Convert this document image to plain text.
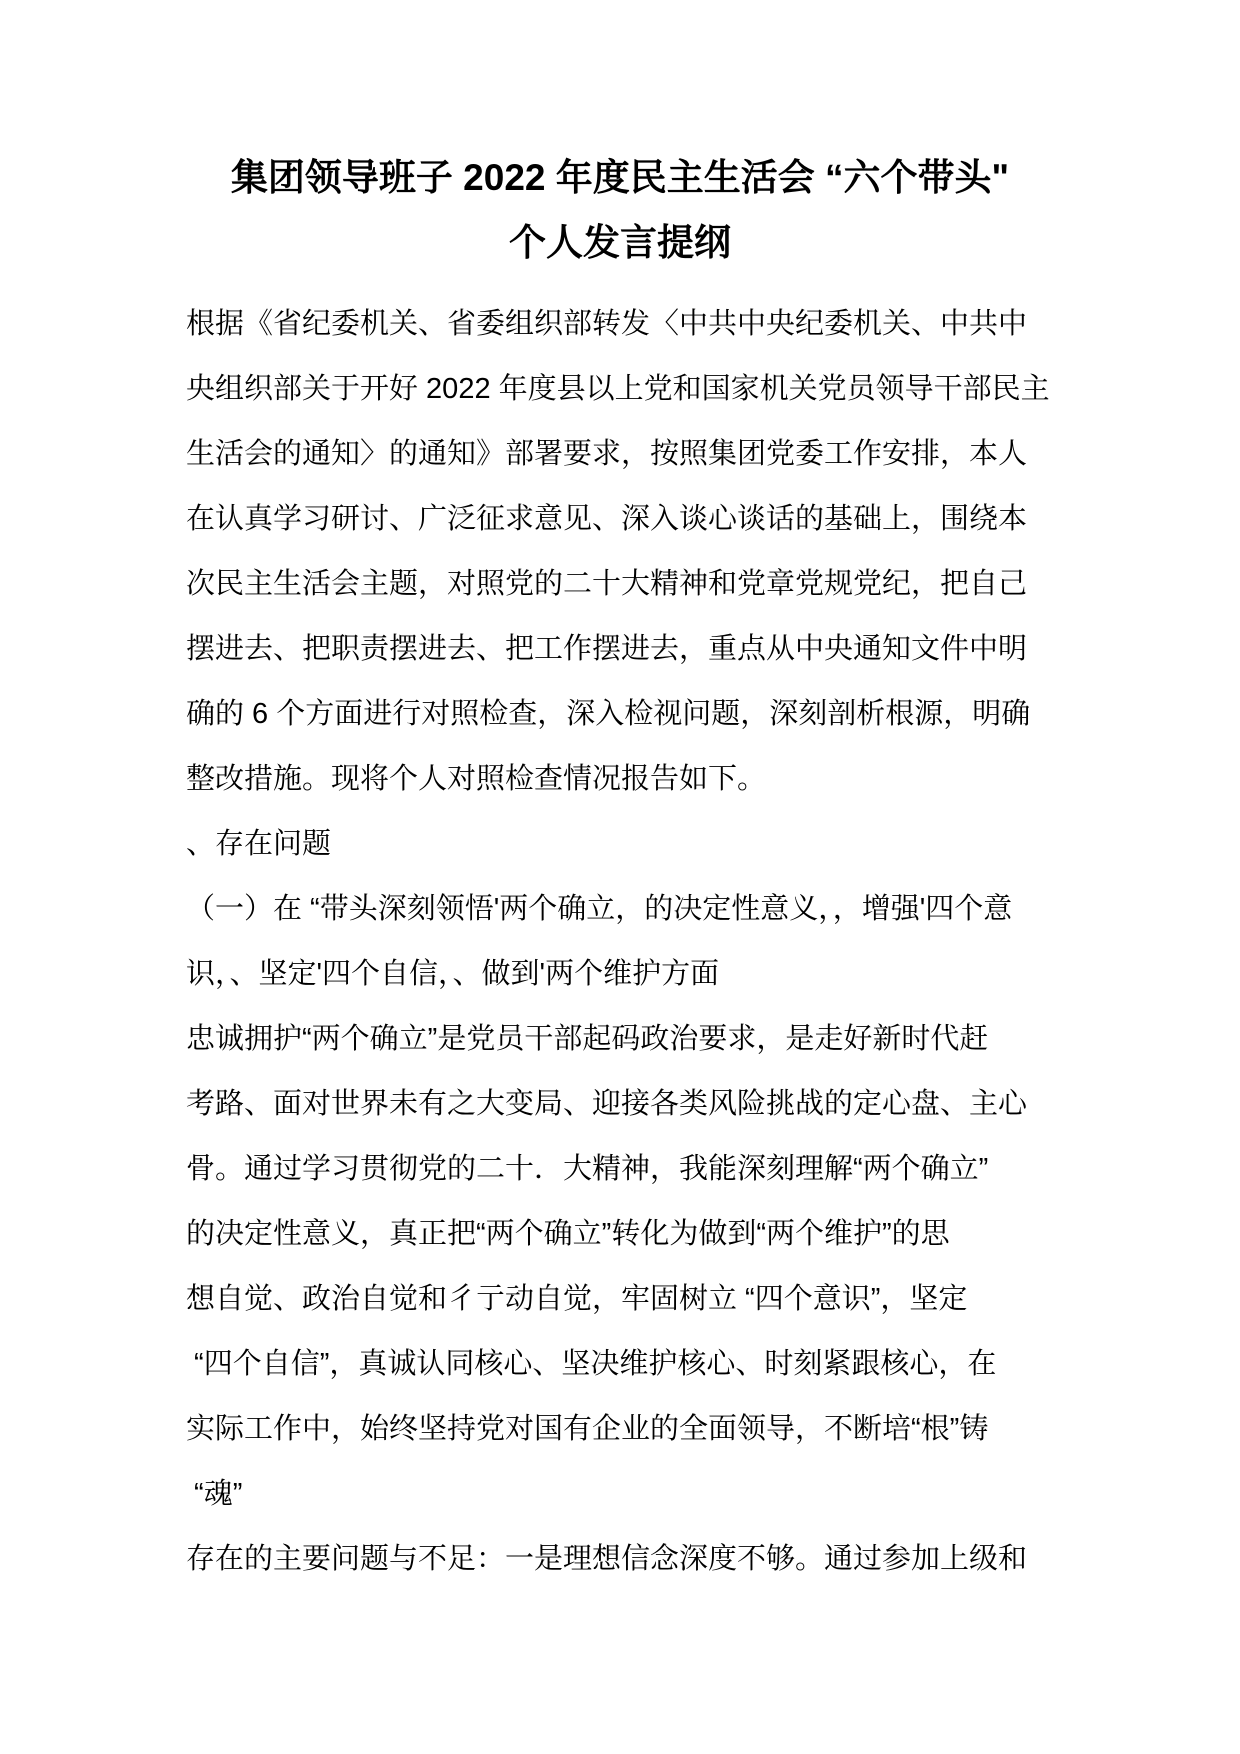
集团领导班子 2022 年度民主生活会 “六个带头"
个人发言提纲
根据《省纪委机关、省委组织部转发〈中共中央纪委机关、中共中
央组织部关于开好 2022 年度县以上党和国家机关党员领导干部民主
生活会的通知〉的通知》部署要求，按照集团党委工作安排，本人
在认真学习研讨、广泛征求意见、深入谈心谈话的基础上，围绕本
次民主生活会主题，对照党的二十大精神和党章党规党纪，把自己
摆进去、把职责摆进去、把工作摆进去，重点从中央通知文件中明
确的 6 个方面进行对照检查，深入检视问题，深刻剖析根源，明确
整改措施。现将个人对照检查情况报告如下。
、存在问题
（一）在 “带头深刻领悟'两个确立，的决定性意义，，增强'四个意
识，、坚定'四个自信，、做到'两个维护方面
忠诚拥护“两个确立”是党员干部起码政治要求，是走好新时代赶
考路、面对世界未有之大变局、迎接各类风险挑战的定心盘、主心
骨。通过学习贯彻党的二十．大精神，我能深刻理解“两个确立”
的决定性意义，真正把“两个确立”转化为做到“两个维护”的思
想自觉、政治自觉和彳亍动自觉，牢固树立 “四个意识”，坚定
“四个自信”，真诚认同核心、坚决维护核心、时刻紧跟核心，在
实际工作中，始终坚持党对国有企业的全面领导，不断培“根”铸
“魂”
存在的主要问题与不足：一是理想信念深度不够。通过参加上级和
